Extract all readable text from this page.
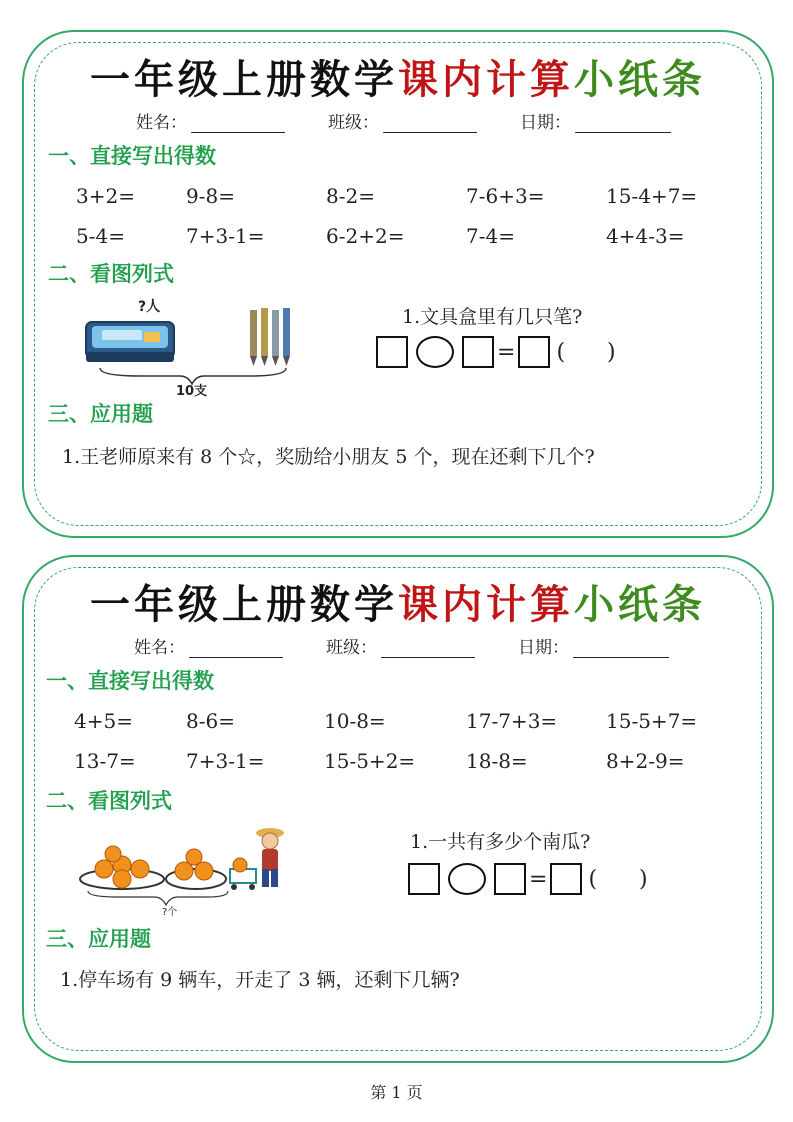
一年级上册数学课内计算小纸条
姓名：	班级：	日期：
一、直接写出得数
3+2=	9-8=	8-2=	7-6+3=	15-4+7=
5-4=	7+3-1=	6-2+2=	7-4=	4+4-3=
二、看图列式
?人
10支
1.文具盒里有几只笔?
= (      )
三、应用题
1.王老师原来有 8 个☆，奖励给小朋友 5 个，现在还剩下几个?
一年级上册数学课内计算小纸条
姓名：	班级：	日期：
一、直接写出得数
4+5=	8-6=	10-8=	17-7+3= 15-5+7=
13-7=	7+3-1=	15-5+2=	18-8=	8+2-9=
二、看图列式
?个
1.一共有多少个南瓜?
= (      )
三、应用题
1.停车场有 9 辆车，开走了 3 辆，还剩下几辆?
第 1 页
